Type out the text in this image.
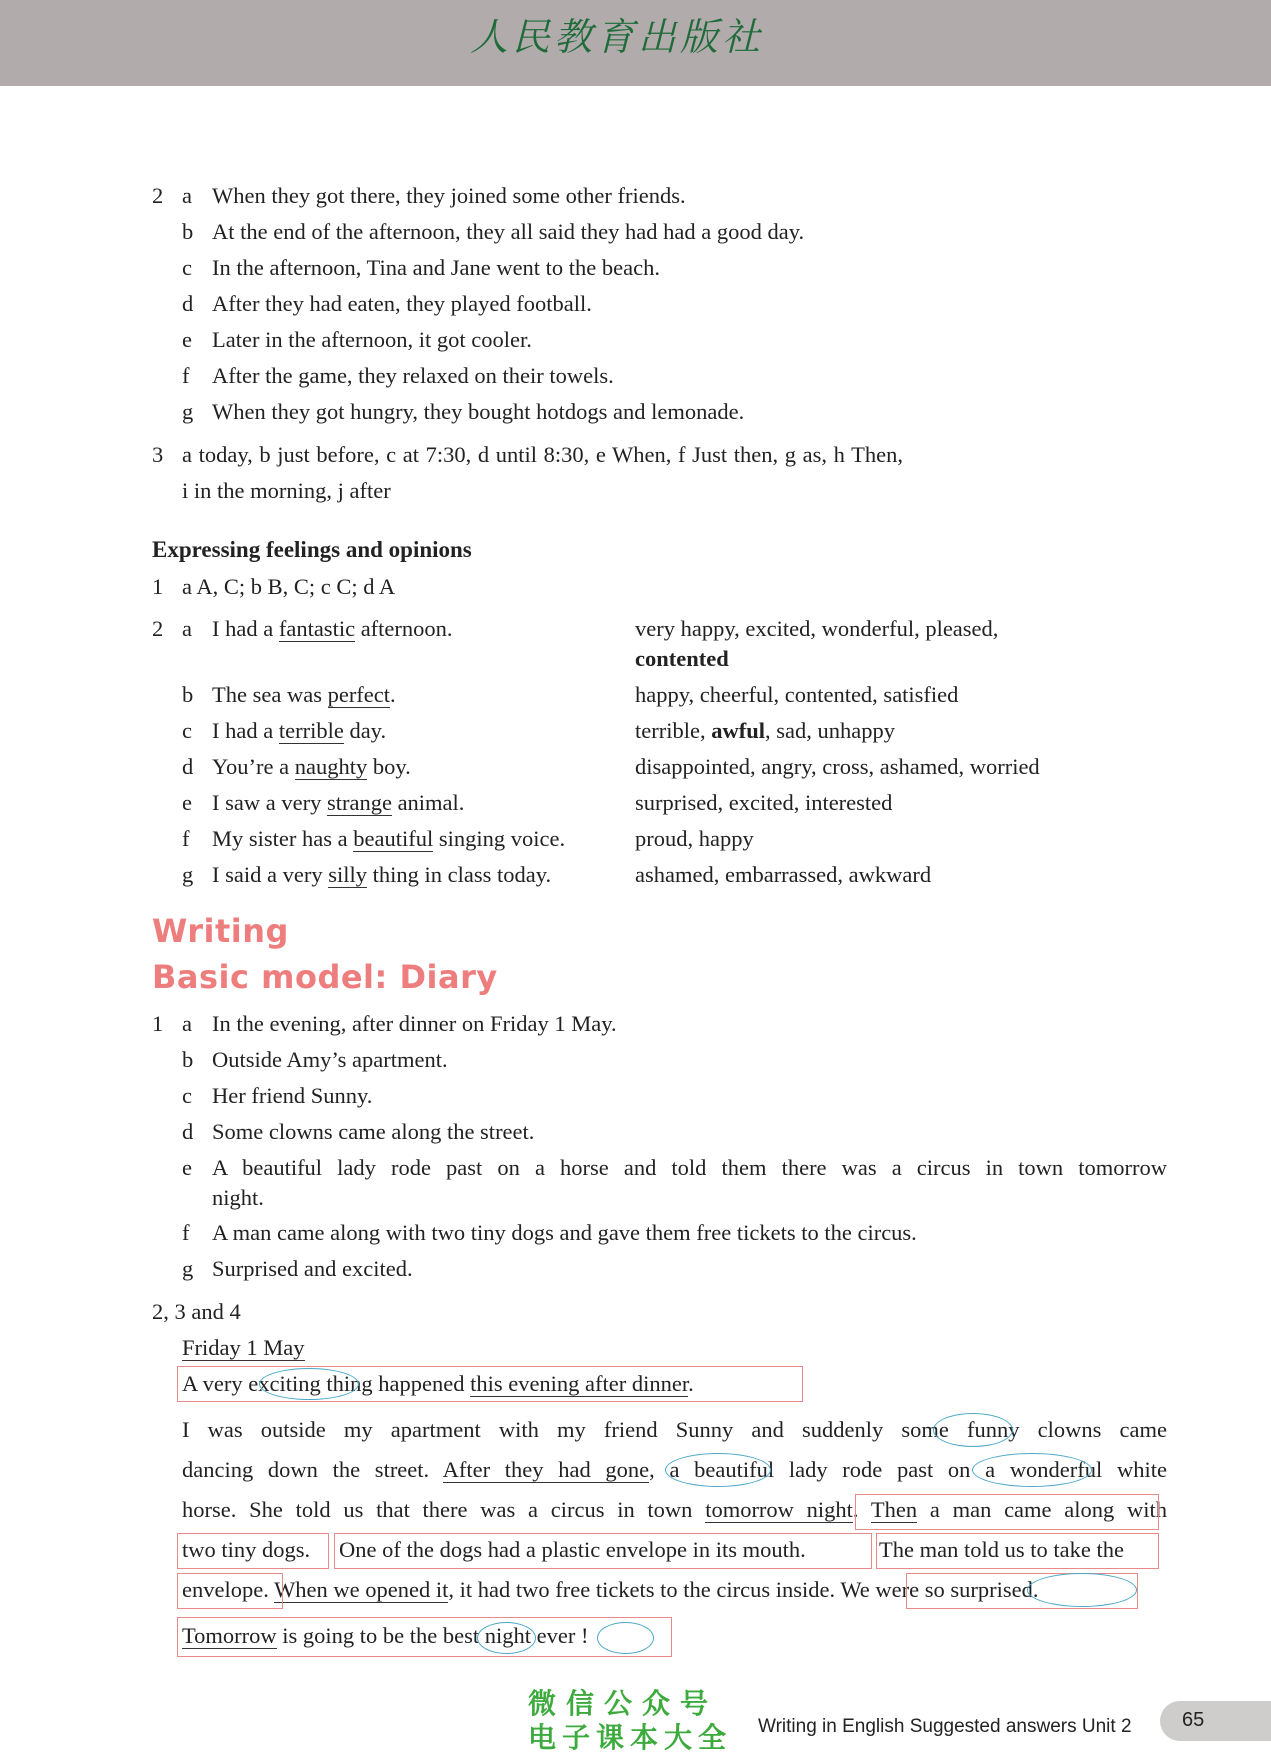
人民教育出版社
2 a When they got there, they joined some other friends.
b At the end of the afternoon, they all said they had had a good day.
c In the afternoon, Tina and Jane went to the beach.
d After they had eaten, they played football.
e Later in the afternoon, it got cooler.
f After the game, they relaxed on their towels.
g When they got hungry, they bought hotdogs and lemonade.
3 a today, b just before, c at 7:30, d until 8:30, e When, f Just then, g as, h Then,
i in the morning, j after
Expressing feelings and opinions
1 a A, C; b B, C; c C; d A
2 a I had a fantastic afternoon.	very happy, excited, wonderful, pleased,
contented
b The sea was perfect.	happy, cheerful, contented, satisfied
c I had a terrible day.	terrible, awful, sad, unhappy
d You’re a naughty boy.	disappointed, angry, cross, ashamed, worried
e I saw a very strange animal.	surprised, excited, interested
f My sister has a beautiful singing voice.	proud, happy
g I said a very silly thing in class today.	ashamed, embarrassed, awkward
Writing
Basic model: Diary
1 a In the evening, after dinner on Friday 1 May.
b Outside Amy’s apartment.
c Her friend Sunny.
d Some clowns came along the street.
e A beautiful lady rode past on a horse and told them there was a circus in town tomorrow
night.
f A man came along with two tiny dogs and gave them free tickets to the circus.
g Surprised and excited.
2, 3 and 4
Friday 1 May
A very exciting thing happened this evening after dinner.
I was outside my apartment with my friend Sunny and suddenly some funny clowns came
dancing down the street. After they had gone, a beautiful lady rode past on a wonderful white
horse. She told us that there was a circus in town tomorrow night. Then a man came along with
two tiny dogs. One of the dogs had a plastic envelope in its mouth.	The man told us to take the
envelope. When we opened it, it had two free tickets to the circus inside. We were so surprised.
Tomorrow is going to be the best night ever !
微信公众号
电子课本大全 Writing in English Suggested answers Unit 2	65
